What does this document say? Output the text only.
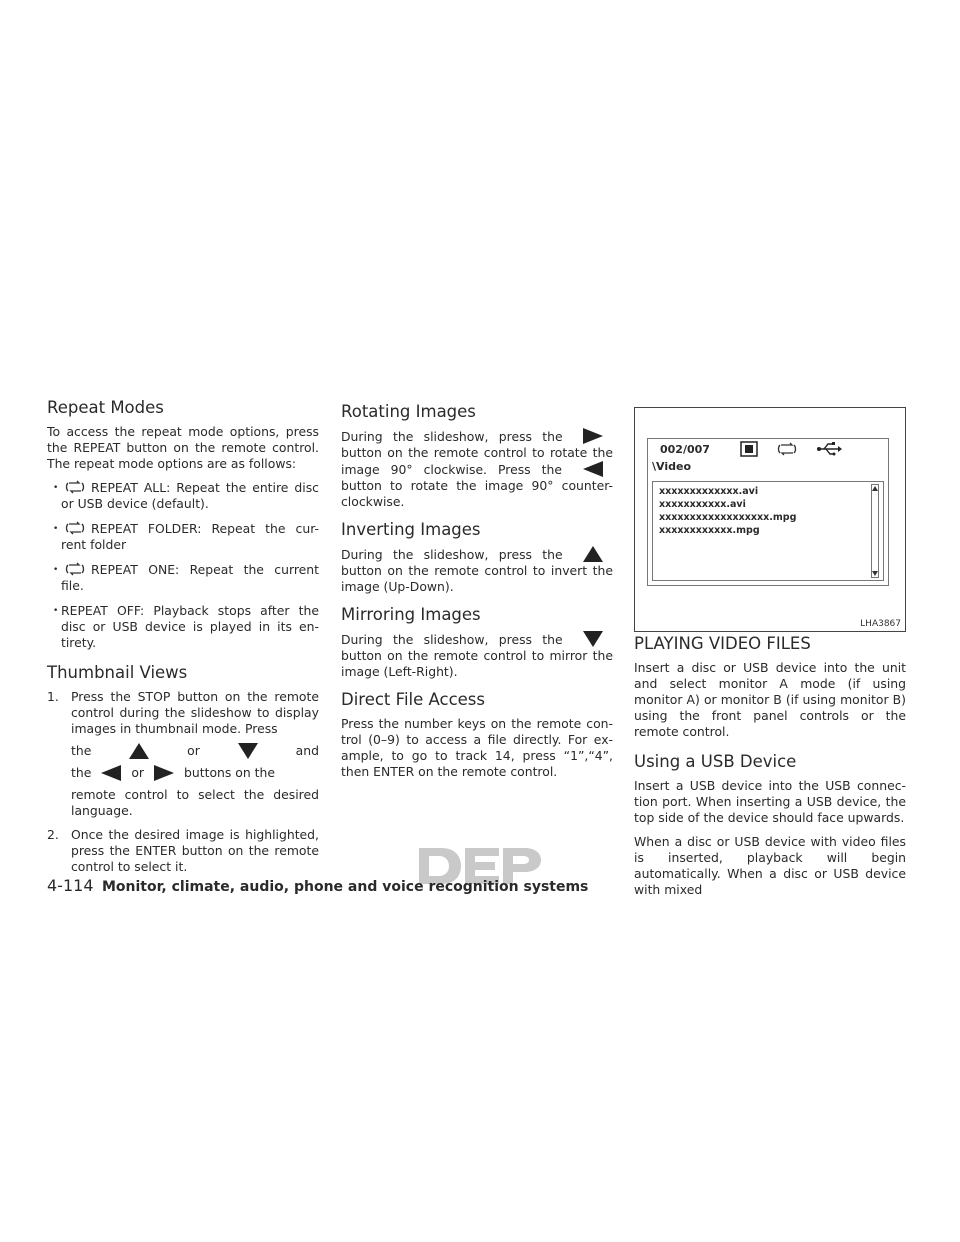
Repeat Modes

To access the repeat mode options, press the REPEAT button on the remote control. The repeat mode options are as follows:

• REPEAT ALL: Repeat the entire disc or USB device (default).
• REPEAT FOLDER: Repeat the cur-rent folder
• REPEAT ONE: Repeat the current file.
• REPEAT OFF: Playback stops after the disc or USB device is played in its en-tirety.
Thumbnail Views
1. Press the STOP button on the remote control during the slideshow to display images in thumbnail mode. Press
the	or	and
the	or	buttons on the
remote control to select the desired language.
2. Once the desired image is highlighted, press the ENTER button on the remote control to select it.
Rotating Images

During the slideshow, press the  button on the remote control to rotate the image 90° clockwise. Press the  button to rotate the image 90° counter-clockwise.

Inverting Images

During the slideshow, press the  button on the remote control to invert the image (Up-Down).

Mirroring Images

During the slideshow, press the  button on the remote control to mirror the image (Left-Right).

Direct File Access

Press the number keys on the remote con-trol (0–9) to access a file directly. For ex-ample, to go to track 14, press “1”,“4”, then ENTER on the remote control.

002/007
\Video
xxxxxxxxxxxxx.avi
xxxxxxxxxxx.avi
xxxxxxxxxxxxxxxxxx.mpg
xxxxxxxxxxxx.mpg
LHA3867
PLAYING VIDEO FILES

Insert a disc or USB device into the unit and select monitor A mode (if using monitor A) or monitor B (if using monitor B) using the front panel controls or the remote control.

Using a USB Device

Insert a USB device into the USB connec-tion port. When inserting a USB device, the top side of the device should face upwards.

When a disc or USB device with video files is inserted, playback will begin automatically. When a disc or USB device with mixed

4-114 Monitor, climate, audio, phone and voice recognition systems
